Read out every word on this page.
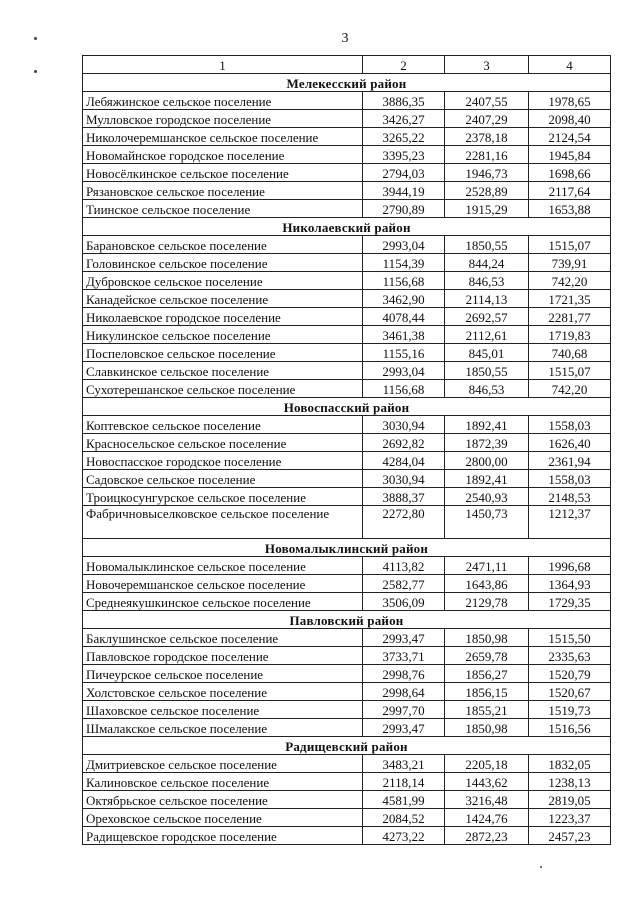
3
1	2	3	4
Мелекесский район			
Лебяжинское сельское поселение	3886,35	2407,55	1978,65
Мулловское городское поселение	3426,27	2407,29	2098,40
Николочеремшанское сельское поселение	3265,22	2378,18	2124,54
Новомайнское городское поселение	3395,23	2281,16	1945,84
Новосёлкинское сельское поселение	2794,03	1946,73	1698,66
Рязановское сельское поселение	3944,19	2528,89	2117,64
Тиинское сельское поселение	2790,89	1915,29	1653,88
Николаевский район			
Барановское сельское поселение	2993,04	1850,55	1515,07
Головинское сельское поселение	1154,39	844,24	739,91
Дубровское сельское поселение	1156,68	846,53	742,20
Канадейское сельское поселение	3462,90	2114,13	1721,35
Николаевское городское поселение	4078,44	2692,57	2281,77
Никулинское сельское поселение	3461,38	2112,61	1719,83
Поспеловское сельское поселение	1155,16	845,01	740,68
Славкинское сельское поселение	2993,04	1850,55	1515,07
Сухотерешанское сельское поселение	1156,68	846,53	742,20
Новоспасский район			
Коптевское сельское поселение	3030,94	1892,41	1558,03
Красносельское сельское поселение	2692,82	1872,39	1626,40
Новоспасское городское поселение	4284,04	2800,00	2361,94
Садовское сельское поселение	3030,94	1892,41	1558,03
Троицкосунгурское сельское поселение	3888,37	2540,93	2148,53
Фабричновыселковское сельское поселение	2272,80	1450,73	1212,37
Новомалыклинский район			
Новомалыклинское сельское поселение	4113,82	2471,11	1996,68
Новочеремшанское сельское поселение	2582,77	1643,86	1364,93
Среднеякушкинское сельское поселение	3506,09	2129,78	1729,35
Павловский район			
Баклушинское сельское поселение	2993,47	1850,98	1515,50
Павловское городское поселение	3733,71	2659,78	2335,63
Пичеурское сельское поселение	2998,76	1856,27	1520,79
Холстовское сельское поселение	2998,64	1856,15	1520,67
Шаховское сельское поселение	2997,70	1855,21	1519,73
Шмалакское сельское поселение	2993,47	1850,98	1516,56
Радищевский район			
Дмитриевское сельское поселение	3483,21	2205,18	1832,05
Калиновское сельское поселение	2118,14	1443,62	1238,13
Октябрьское сельское поселение	4581,99	3216,48	2819,05
Ореховское сельское поселение	2084,52	1424,76	1223,37
Радищевское городское поселение	4273,22	2872,23	2457,23
